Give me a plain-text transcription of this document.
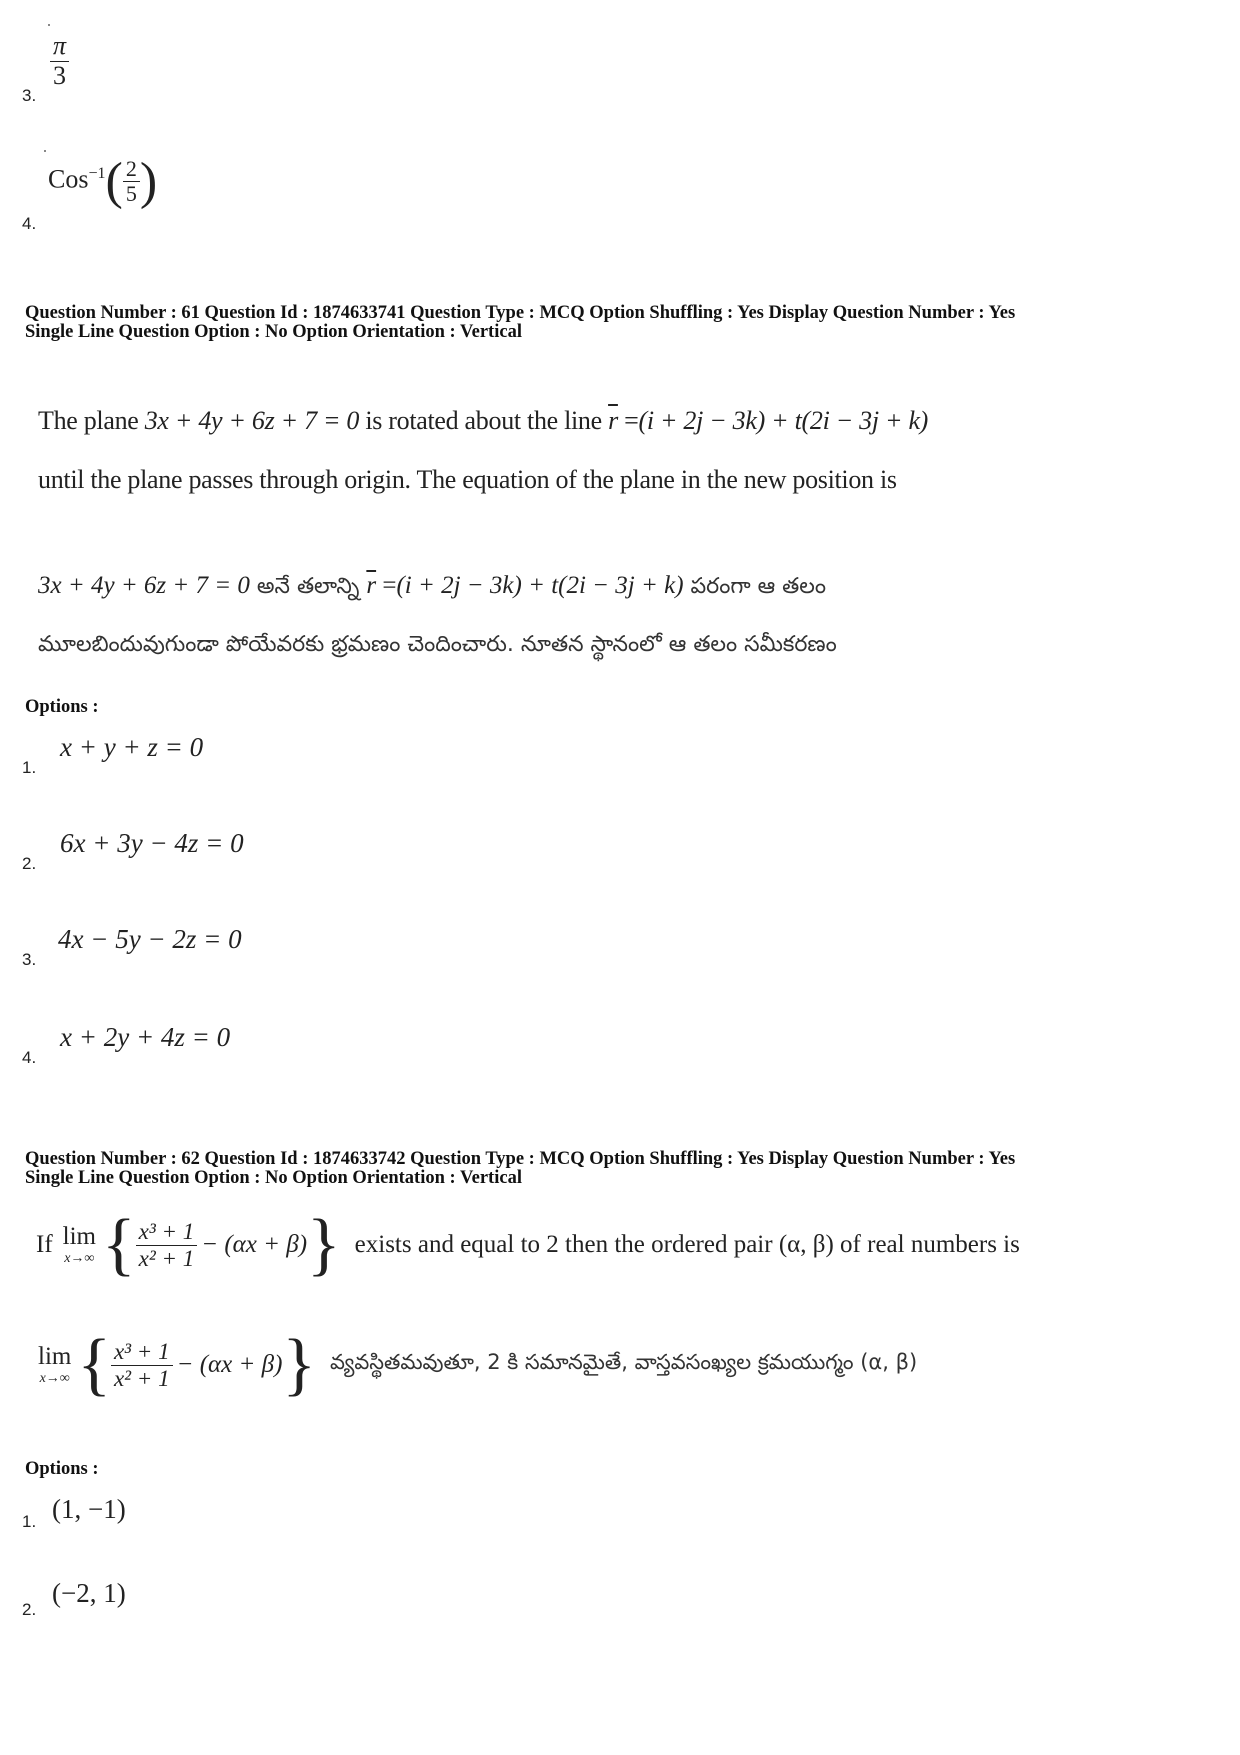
$\frac{\pi}{3}$
3.
$Cos^{-1}( \frac{2}{5}$ )
4.
Question Number : 61 Question Id : 1874633741 Question Type : MCQ Option Shuffling : Yes Display Question Number : Yes
Single Line Question Option : No Option Orientation : Vertical
The plane 3x + 4y + 6z + 7 = 0 is rotated about the line $\overline{r} =(i + 2j - 3k) + t(2i - 3j + k)$
until the plane passes through origin. The equation of the plane in the new position is
3x + 4y + 6z + 7 = 0 అనే తలాన్ని $\overline{r} =(i + 2j - 3k) + t(2i - 3j + k)$ పరంగా ఆ తలం
మూలబిందువుగుండా పోయేవరకు భ్రమణం చెందించారు. నూతన స్థానంలో ఆ తలం సమీకరణం
Options :
x + y + z = 0
1.
6x + 3y − 4z = 0
2.
4x − 5y − 2z = 0
3.
x + 2y + 4z = 0
4.
Question Number : 62 Question Id : 1874633742 Question Type : MCQ Option Shuffling : Yes Display Question Number : Yes
Single Line Question Option : No Option Orientation : Vertical
If lim
x→∞ { $\frac{\text{x³ + 1}}{\text{x² + 1}} - (\alpha x + \beta)$ } exists and equal to 2 then the ordered pair (α, β) of real numbers is
lim
x→∞ { $\frac{\text{x³ + 1}}{\text{x² + 1}} - (\alpha x + \beta)$ } వ్యవస్థితమవుతూ, 2 కి సమానమైతే, వాస్తవసంఖ్యల క్రమయుగ్మం (α, β)
Options :
(1, −1)
1.
(−2, 1)
2.
